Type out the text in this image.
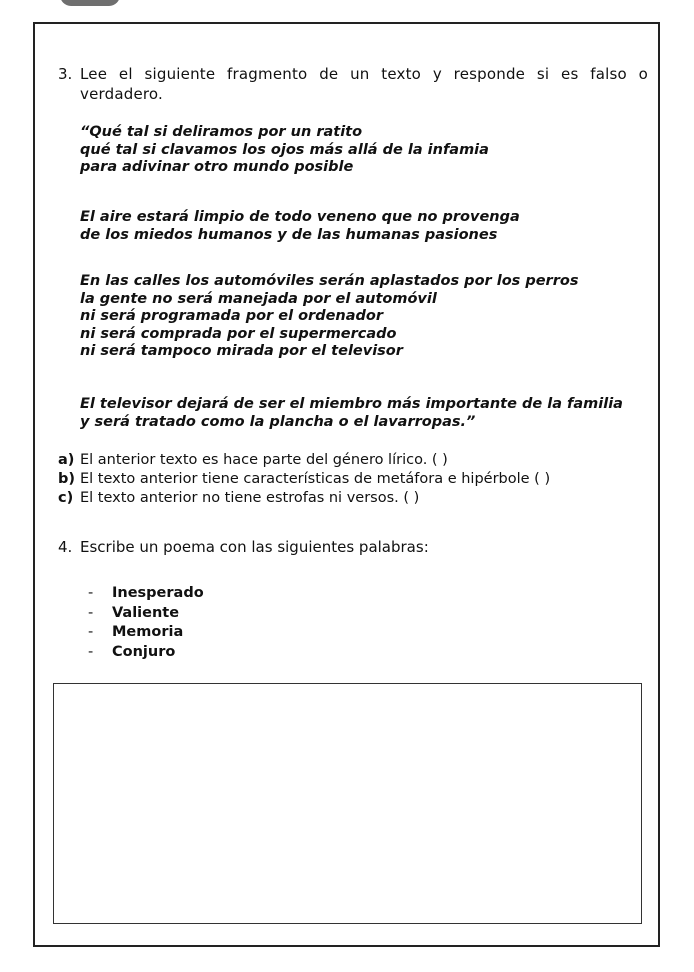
3. Lee el siguiente fragmento de un texto y responde si es falso o verdadero.
“Qué tal si deliramos por un ratito
qué tal si clavamos los ojos más allá de la infamia
para adivinar otro mundo posible
El aire estará limpio de todo veneno que no provenga
de los miedos humanos y de las humanas pasiones
En las calles los automóviles serán aplastados por los perros
la gente no será manejada por el automóvil
ni será programada por el ordenador
ni será comprada por el supermercado
ni será tampoco mirada por el televisor
El televisor dejará de ser el miembro más importante de la familia
y será tratado como la plancha o el lavarropas.”
a) El anterior texto es hace parte del género lírico. ( )
b) El texto anterior tiene características de metáfora e hipérbole ( )
c) El texto anterior no tiene estrofas ni versos. ( )
4. Escribe un poema con las siguientes palabras:
- Inesperado
- Valiente
- Memoria
- Conjuro
